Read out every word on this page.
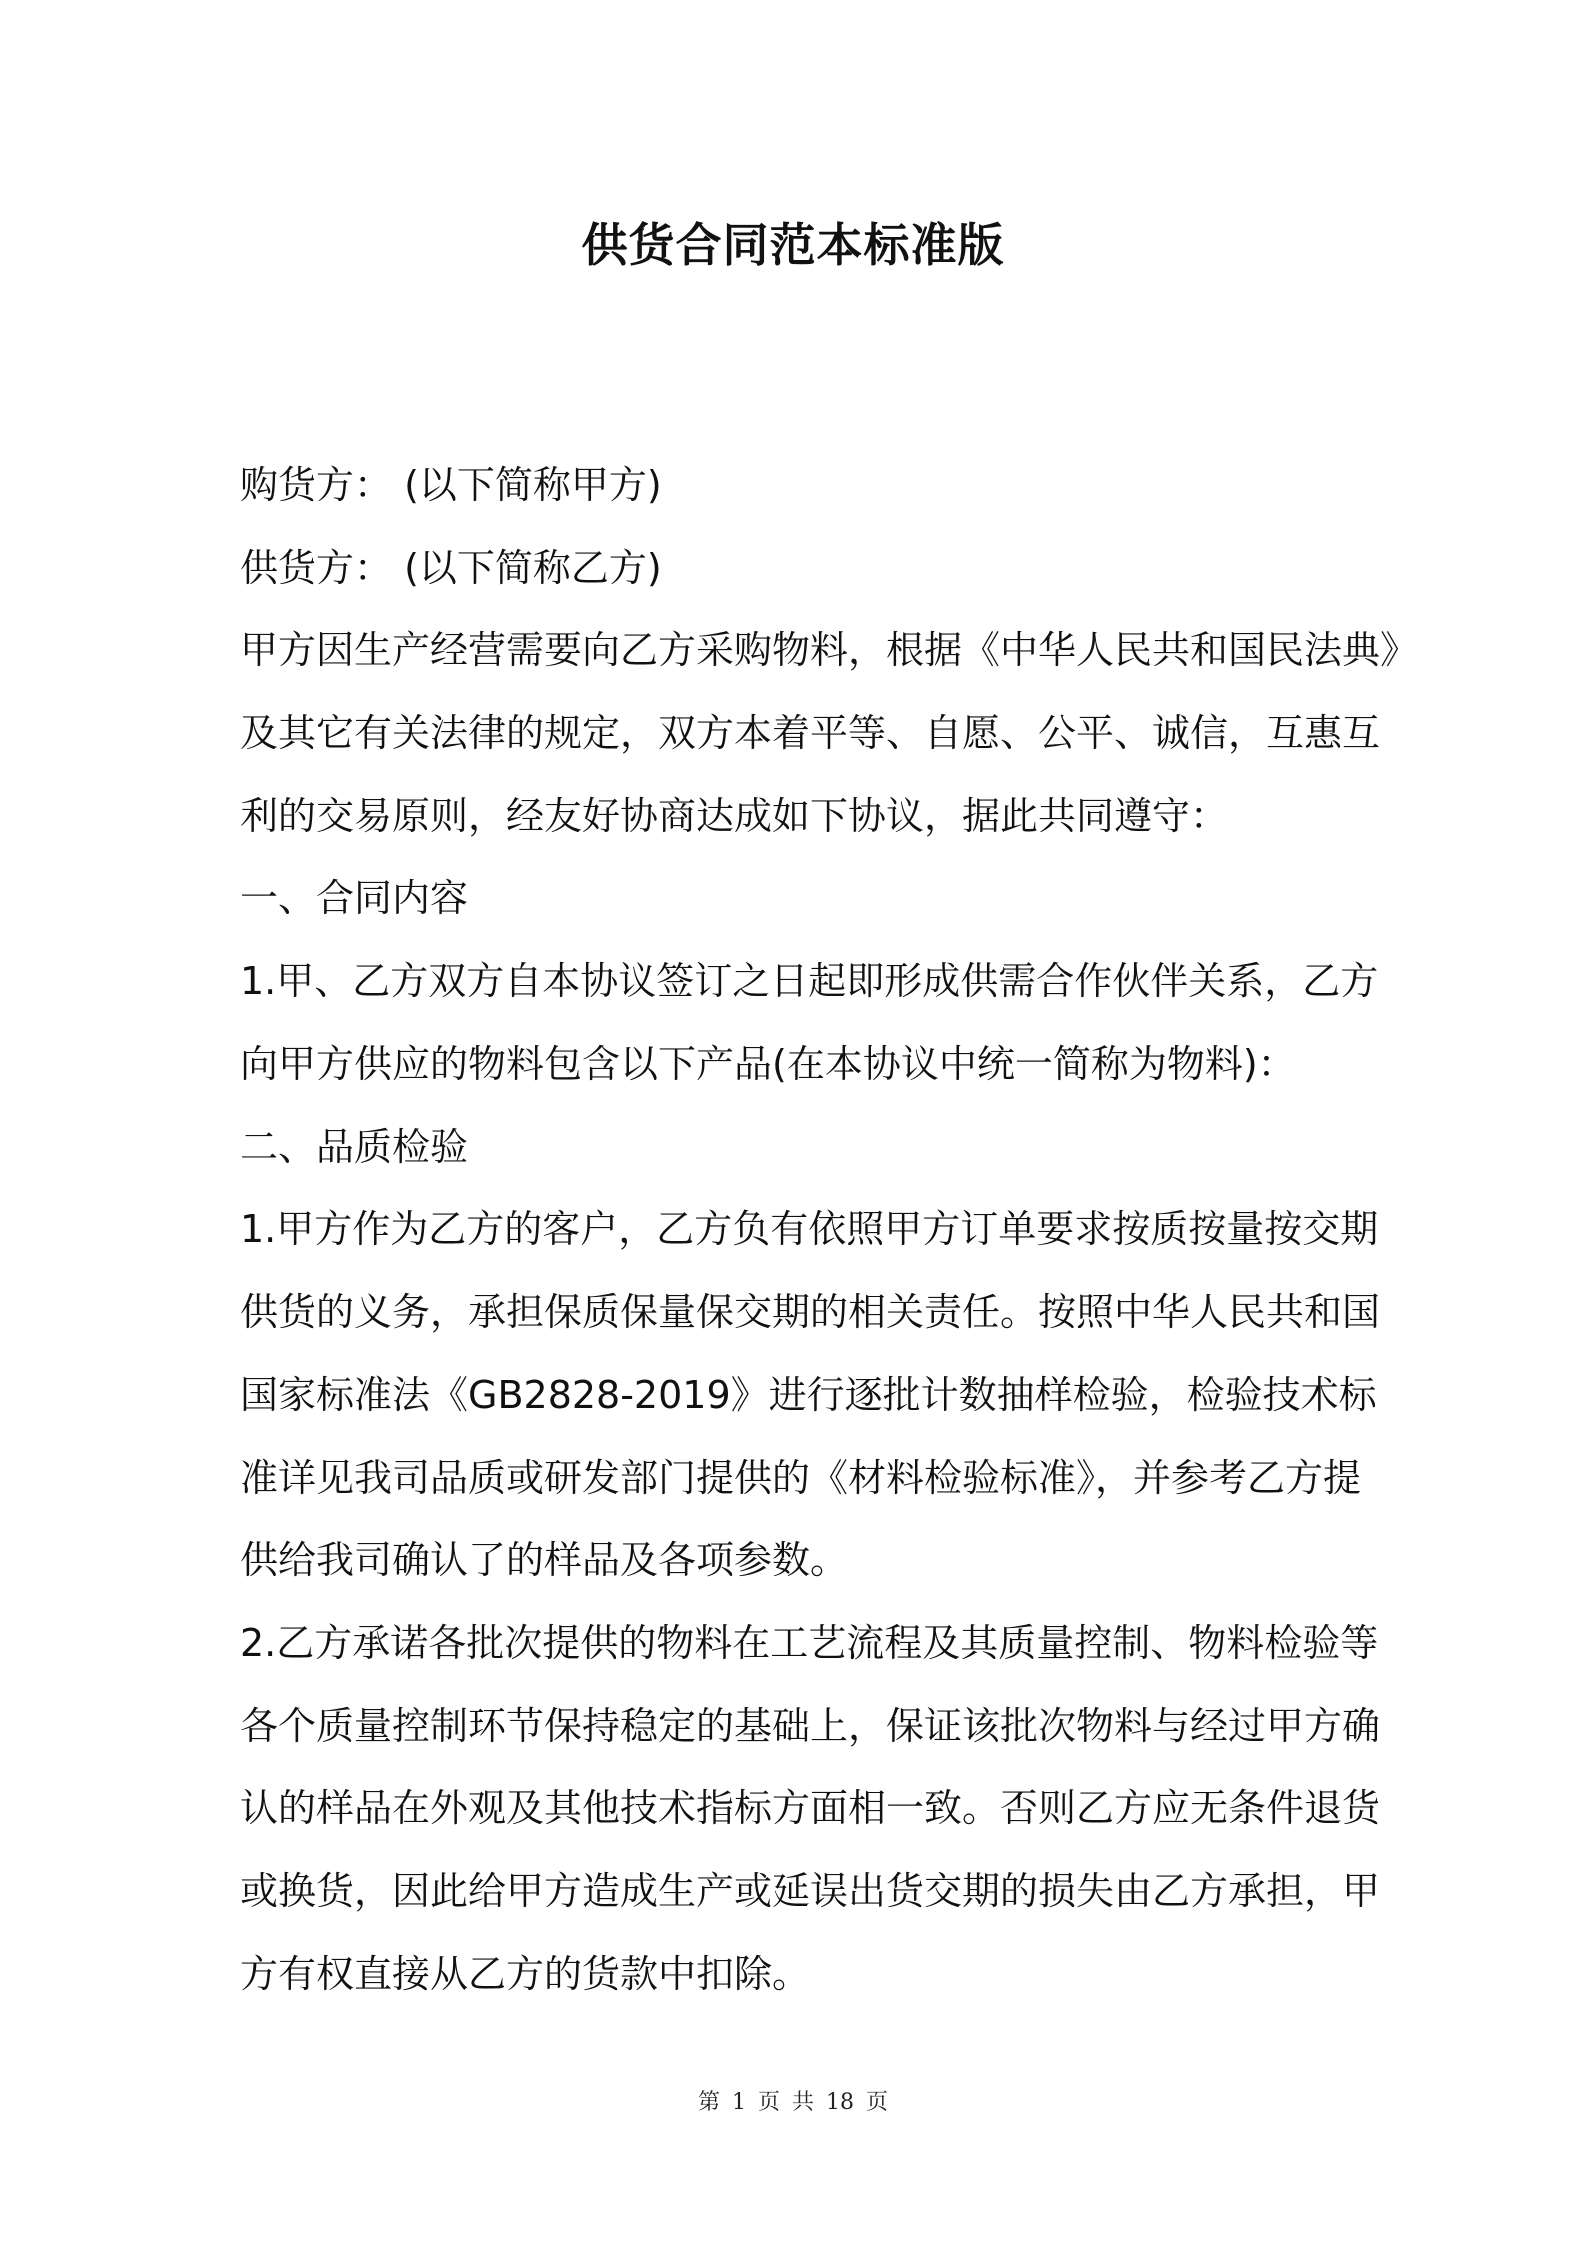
供货合同范本标准版
购货方： (以下简称甲方)
供货方： (以下简称乙方)
甲方因生产经营需要向乙方采购物料，根据《中华人民共和国民法典》
及其它有关法律的规定，双方本着平等、自愿、公平、诚信，互惠互
利的交易原则，经友好协商达成如下协议，据此共同遵守：
一、合同内容
1.甲、乙方双方自本协议签订之日起即形成供需合作伙伴关系，乙方
向甲方供应的物料包含以下产品(在本协议中统一简称为物料)：
二、品质检验
1.甲方作为乙方的客户，乙方负有依照甲方订单要求按质按量按交期
供货的义务，承担保质保量保交期的相关责任。按照中华人民共和国
国家标准法《GB2828-2019》进行逐批计数抽样检验，检验技术标
准详见我司品质或研发部门提供的《材料检验标准》，并参考乙方提
供给我司确认了的样品及各项参数。
2.乙方承诺各批次提供的物料在工艺流程及其质量控制、物料检验等
各个质量控制环节保持稳定的基础上，保证该批次物料与经过甲方确
认的样品在外观及其他技术指标方面相一致。否则乙方应无条件退货
或换货，因此给甲方造成生产或延误出货交期的损失由乙方承担，甲
方有权直接从乙方的货款中扣除。
第 1 页 共 18 页
